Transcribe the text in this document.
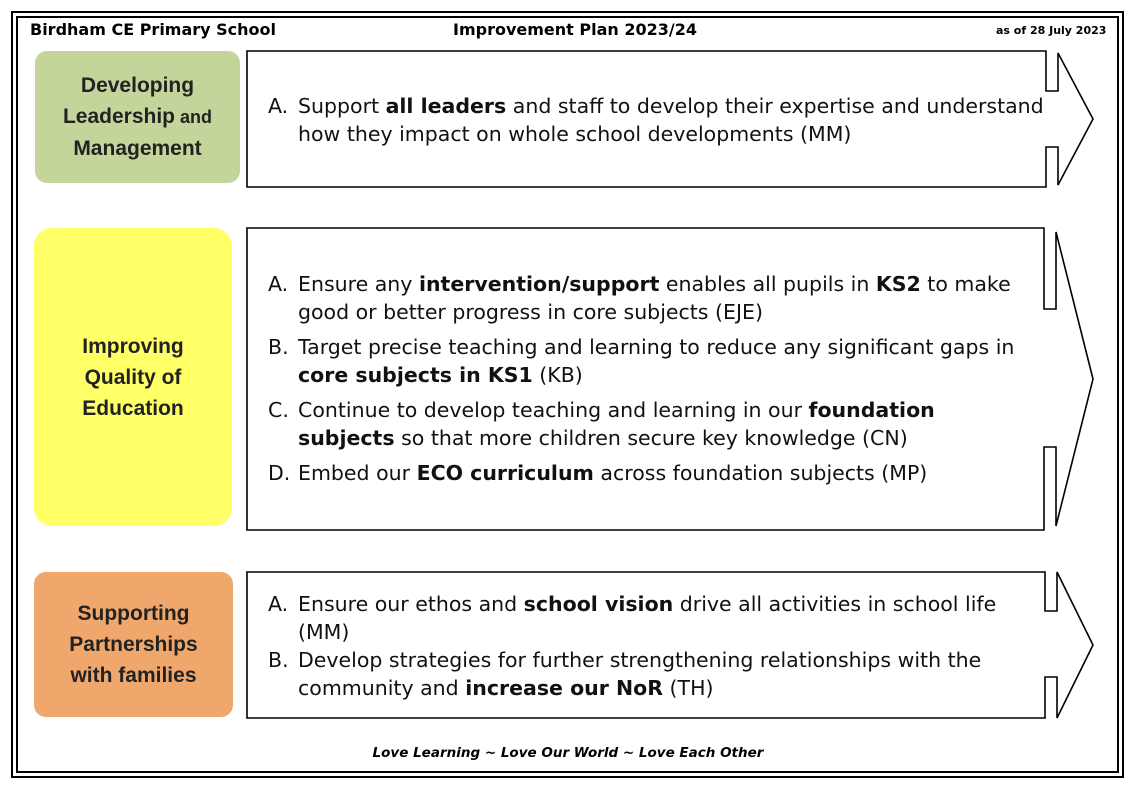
Birdham CE Primary School	Improvement Plan 2023/24	as of 28 July 2023
Developing
Leadership and
Management
Improving
Quality of
Education
Supporting
Partnerships
with families
A. Support all leaders and staff to develop their expertise and understand how they impact on whole school developments (MM)
A. Ensure any intervention/support enables all pupils in KS2 to make good or better progress in core subjects (EJE)
B. Target precise teaching and learning to reduce any significant gaps in core subjects in KS1 (KB)
C. Continue to develop teaching and learning in our foundation subjects so that more children secure key knowledge (CN)
D. Embed our ECO curriculum across foundation subjects (MP)
A. Ensure our ethos and school vision drive all activities in school life (MM)
B. Develop strategies for further strengthening relationships with the community and increase our NoR (TH)
Love Learning ~ Love Our World ~ Love Each Other
